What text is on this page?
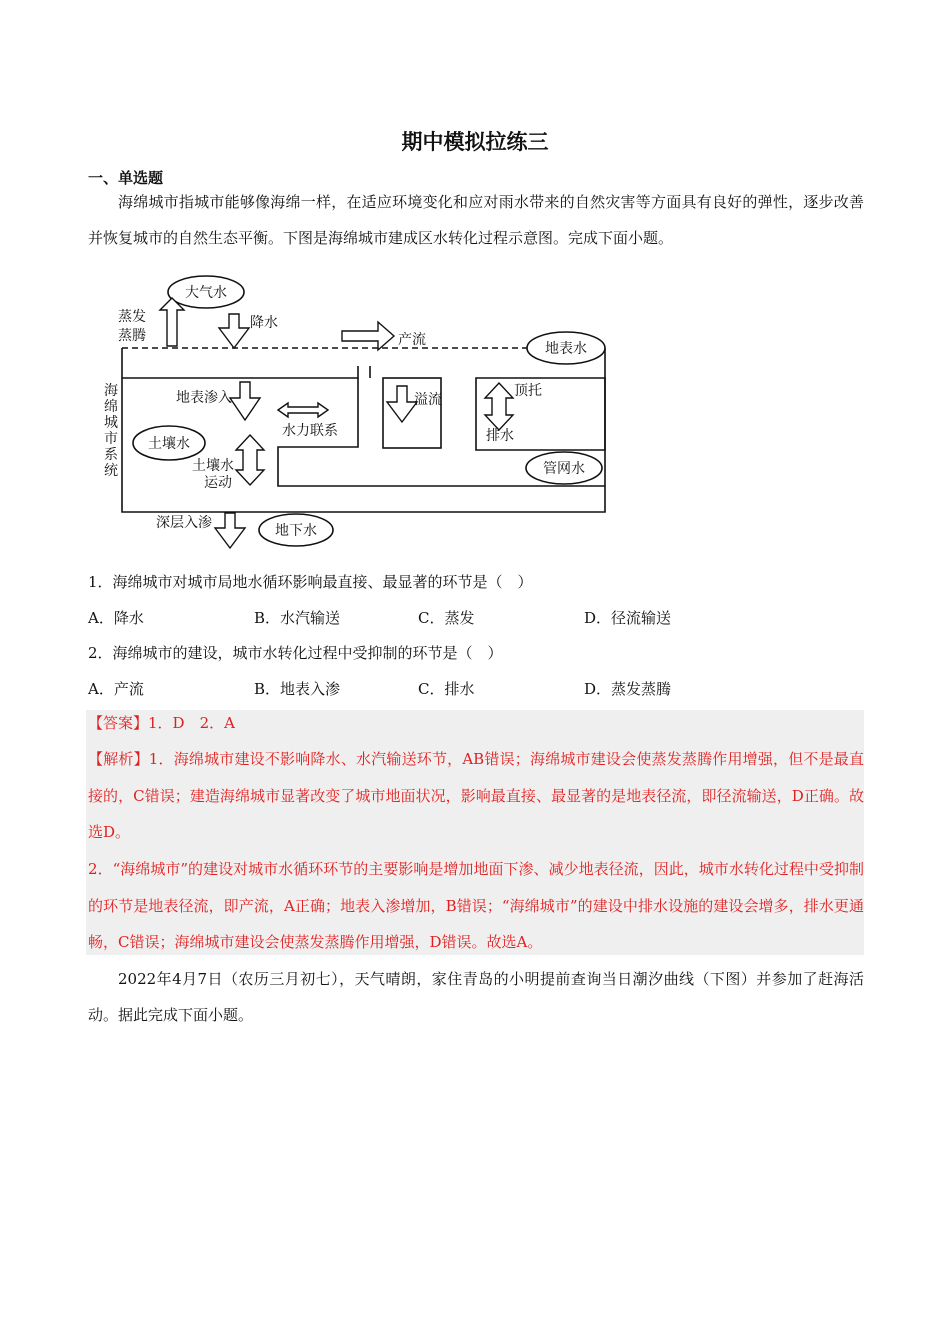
期中模拟拉练三
一、单选题
海绵城市指城市能够像海绵一样，在适应环境变化和应对雨水带来的自然灾害等方面具有良好的弹性，逐步改善并恢复城市的自然生态平衡。下图是海绵城市建成区水转化过程示意图。完成下面小题。
大气水
蒸发
蒸腾
降水
产流
地表水
海
绵
城
市
系
统
地表渗入
水力联系
溢流
顶托
排水
土壤水
土壤水
运动
管网水
深层入渗	地下水
1．海绵城市对城市局地水循环影响最直接、最显著的环节是（　）
A．降水	B．水汽输送	C．蒸发	D．径流输送
2．海绵城市的建设，城市水转化过程中受抑制的环节是（　）
A．产流	B．地表入渗	C．排水	D．蒸发蒸腾
【答案】1．D　2．A
【解析】1．海绵城市建设不影响降水、水汽输送环节，AB错误；海绵城市建设会使蒸发蒸腾作用增强，但不是最直接的，C错误；建造海绵城市显著改变了城市地面状况，影响最直接、最显著的是地表径流，即径流输送，D正确。故选D。
2．“海绵城市”的建设对城市水循环环节的主要影响是增加地面下渗、减少地表径流，因此，城市水转化过程中受抑制的环节是地表径流，即产流，A正确；地表入渗增加，B错误；“海绵城市”的建设中排水设施的建设会增多，排水更通畅，C错误；海绵城市建设会使蒸发蒸腾作用增强，D错误。故选A。
2022年4月7日（农历三月初七），天气晴朗，家住青岛的小明提前查询当日潮汐曲线（下图）并参加了赶海活动。据此完成下面小题。
